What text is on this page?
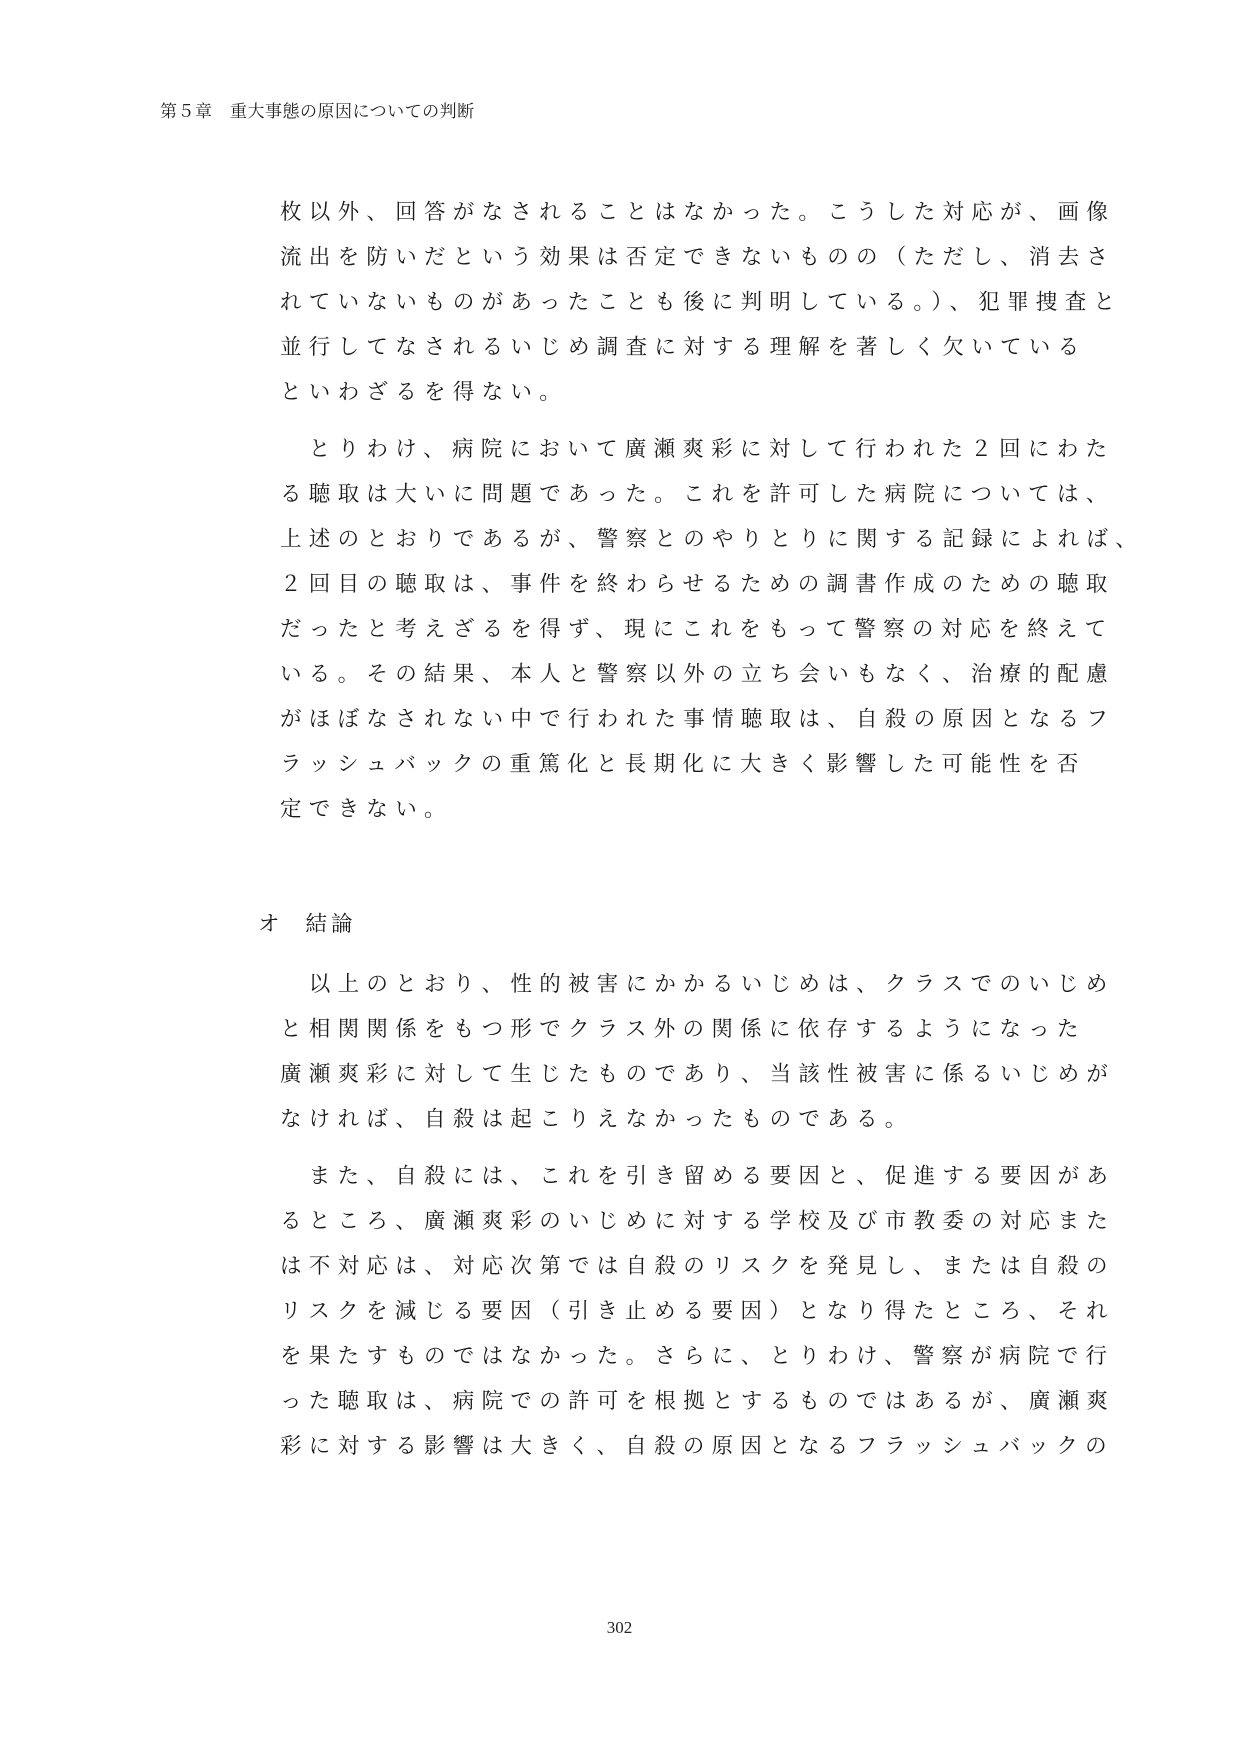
第５章　重大事態の原因についての判断
枚以外、回答がなされることはなかった。こうした対応が、画像
流出を防いだという効果は否定できないものの（ただし、消去さ
れていないものがあったことも後に判明している。）、犯罪捜査と
並行してなされるいじめ調査に対する理解を著しく欠いている
といわざるを得ない。
　とりわけ、病院において廣瀬爽彩に対して行われた２回にわた
る聴取は大いに問題であった。これを許可した病院については、
上述のとおりであるが、警察とのやりとりに関する記録によれば、
２回目の聴取は、事件を終わらせるための調書作成のための聴取
だったと考えざるを得ず、現にこれをもって警察の対応を終えて
いる。その結果、本人と警察以外の立ち会いもなく、治療的配慮
がほぼなされない中で行われた事情聴取は、自殺の原因となるフ
ラッシュバックの重篤化と長期化に大きく影響した可能性を否
定できない。
オ 結論
　以上のとおり、性的被害にかかるいじめは、クラスでのいじめ
と相関関係をもつ形でクラス外の関係に依存するようになった
廣瀬爽彩に対して生じたものであり、当該性被害に係るいじめが
なければ、自殺は起こりえなかったものである。
　また、自殺には、これを引き留める要因と、促進する要因があ
るところ、廣瀬爽彩のいじめに対する学校及び市教委の対応また
は不対応は、対応次第では自殺のリスクを発見し、または自殺の
リスクを減じる要因（引き止める要因）となり得たところ、それ
を果たすものではなかった。さらに、とりわけ、警察が病院で行
った聴取は、病院での許可を根拠とするものではあるが、廣瀬爽
彩に対する影響は大きく、自殺の原因となるフラッシュバックの
302
